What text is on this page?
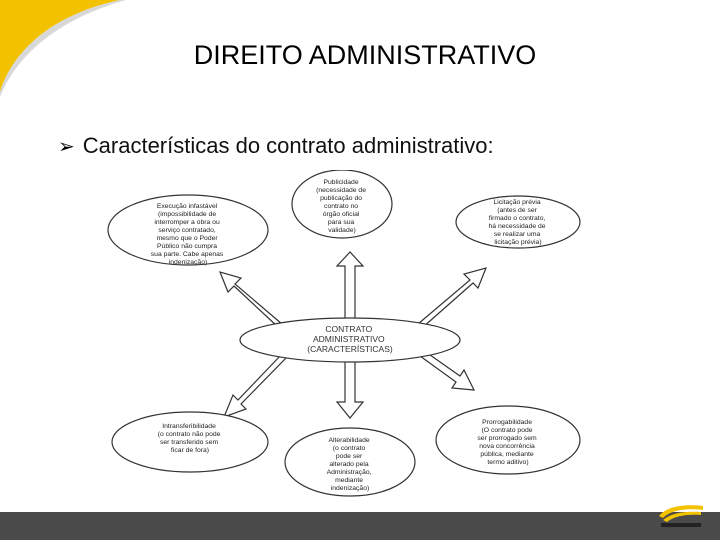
DIREITO ADMINISTRATIVO
➢ Características do contrato administrativo:
CONTRATO ADMINISTRATIVO (CARACTERÍSTICAS)
Publicidade (necessidade de publicação do contrato no órgão oficial para sua validade)
Execução infastável (impossibilidade de interromper a obra ou serviço contratado, mesmo que o Poder Público não cumpra sua parte. Cabe apenas indenização)
Licitação prévia (antes de ser firmado o contrato, há necessidade de se realizar uma licitação prévia)
Intransferibilidade (o contrato não pode ser transferido sem ficar de fora)
Alterabilidade (o contrato pode ser alterado pela Administração, mediante indenização)
Prorrogabilidade (O contrato pode ser prorrogado sem nova concorrência pública, mediante termo aditivo)
